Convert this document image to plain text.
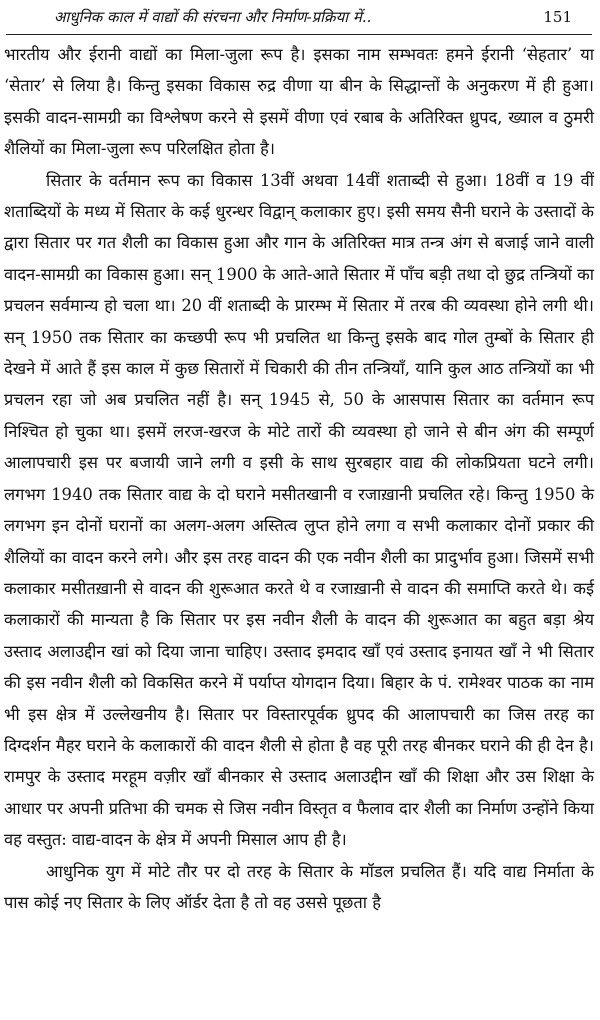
आधुनिक काल में वाद्यों की संरचना और निर्माण-प्रक्रिया में..	151

भारतीय और ईरानी वाद्यों का मिला-जुला रूप है। इसका नाम सम्भवतः हमने ईरानी ‘सेहतार’ या ‘सेतार’ से लिया है। किन्तु इसका विकास रुद्र वीणा या बीन के सिद्धान्तों के अनुकरण में ही हुआ। इसकी वादन-सामग्री का विश्लेषण करने से इसमें वीणा एवं रबाब के अतिरिक्त ध्रुपद, ख्याल व ठुमरी शैलियों का मिला-जुला रूप परिलक्षित होता है।

सितार के वर्तमान रूप का विकास 13वीं अथवा 14वीं शताब्दी से हुआ। 18वीं व 19 वीं शताब्दियों के मध्य में सितार के कई धुरन्धर विद्वान् कलाकार हुए। इसी समय सैनी घराने के उस्तादों के द्वारा सितार पर गत शैली का विकास हुआ और गान के अतिरिक्त मात्र तन्त्र अंग से बजाई जाने वाली वादन-सामग्री का विकास हुआ। सन् 1900 के आते-आते सितार में पाँच बड़ी तथा दो छुद्र तन्त्रियों का प्रचलन सर्वमान्य हो चला था। 20 वीं शताब्दी के प्रारम्भ में सितार में तरब की व्यवस्था होने लगी थी। सन् 1950 तक सितार का कच्छपी रूप भी प्रचलित था किन्तु इसके बाद गोल तुम्बों के सितार ही देखने में आते हैं इस काल में कुछ सितारों में चिकारी की तीन तन्त्रियाँ, यानि कुल आठ तन्त्रियों का भी प्रचलन रहा जो अब प्रचलित नहीं है। सन् 1945 से, 50 के आसपास सितार का वर्तमान रूप निश्चित हो चुका था। इसमें लरज-खरज के मोटे तारों की व्यवस्था हो जाने से बीन अंग की सम्पूर्ण आलापचारी इस पर बजायी जाने लगी व इसी के साथ सुरबहार वाद्य की लोकप्रियता घटने लगी। लगभग 1940 तक सितार वाद्य के दो घराने मसीतखानी व रजाख़ानी प्रचलित रहे। किन्तु 1950 के लगभग इन दोनों घरानों का अलग-अलग अस्तित्व लुप्त होने लगा व सभी कलाकार दोनों प्रकार की शैलियों का वादन करने लगे। और इस तरह वादन की एक नवीन शैली का प्रादुर्भाव हुआ। जिसमें सभी कलाकार मसीतख़ानी से वादन की शुरूआत करते थे व रजाख़ानी से वादन की समाप्ति करते थे। कई कलाकारों की मान्यता है कि सितार पर इस नवीन शैली के वादन की शुरूआत का बहुत बड़ा श्रेय उस्ताद अलाउद्दीन खां को दिया जाना चाहिए। उस्ताद इमदाद खाँ एवं उस्ताद इनायत खाँ ने भी सितार की इस नवीन शैली को विकसित करने में पर्याप्त योगदान दिया। बिहार के पं. रामेश्वर पाठक का नाम भी इस क्षेत्र में उल्लेखनीय है। सितार पर विस्तारपूर्वक ध्रुपद की आलापचारी का जिस तरह का दिग्दर्शन मैहर घराने के कलाकारों की वादन शैली से होता है वह पूरी तरह बीनकर घराने की ही देन है। रामपुर के उस्ताद मरहूम वज़ीर खाँ बीनकार से उस्ताद अलाउद्दीन खाँ की शिक्षा और उस शिक्षा के आधार पर अपनी प्रतिभा की चमक से जिस नवीन विस्तृत व फैलाव दार शैली का निर्माण उन्होंने किया वह वस्तुत: वाद्य-वादन के क्षेत्र में अपनी मिसाल आप ही है।

आधुनिक युग में मोटे तौर पर दो तरह के सितार के मॉडल प्रचलित हैं। यदि वाद्य निर्माता के पास कोई नए सितार के लिए ऑर्डर देता है तो वह उससे पूछता है
